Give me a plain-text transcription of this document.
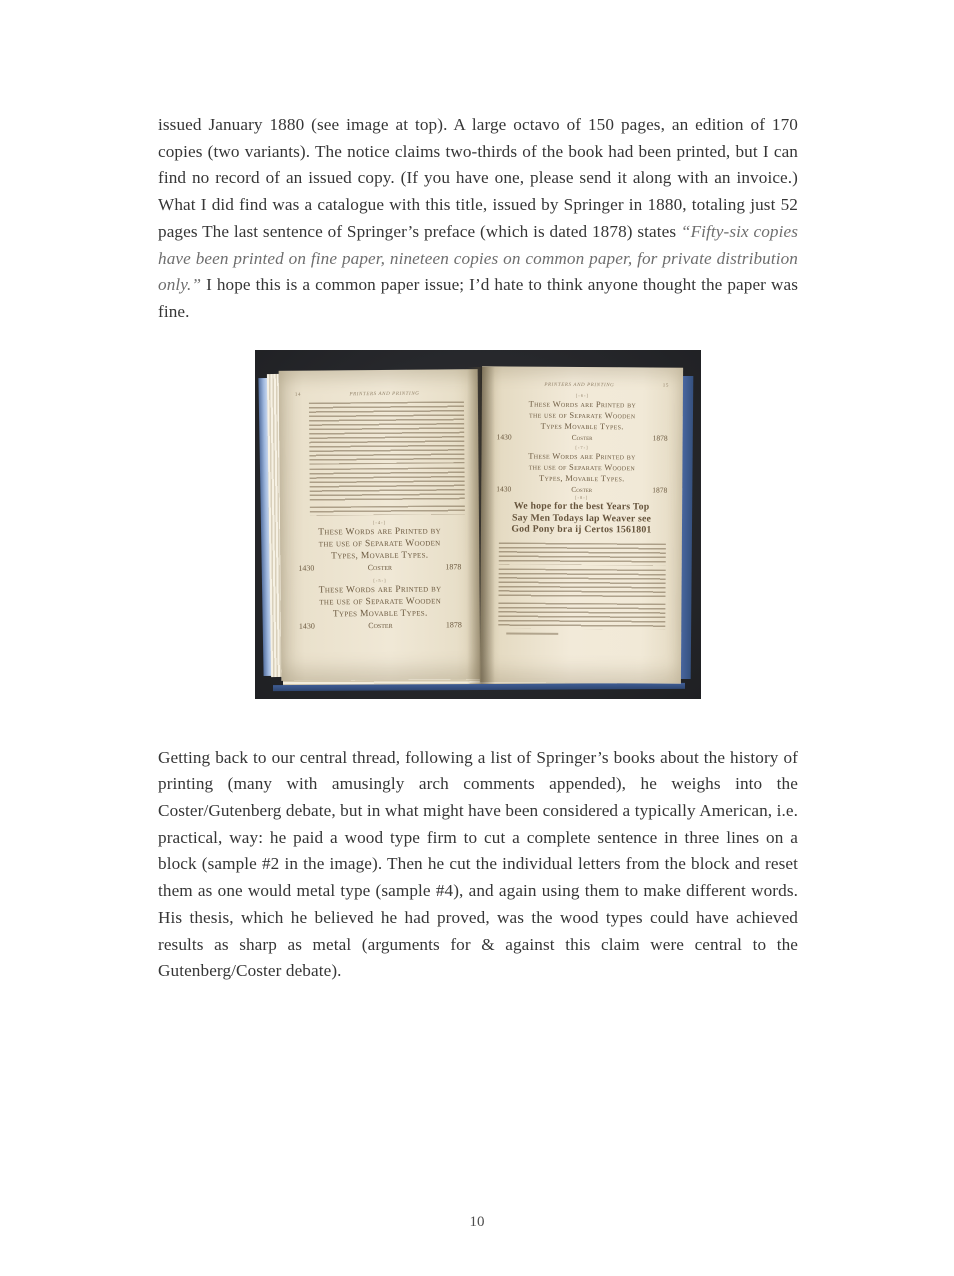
issued January 1880 (see image at top). A large octavo of 150 pages, an edition of 170 copies (two variants). The notice claims two-thirds of the book had been printed, but I can find no record of an issued copy. (If you have one, please send it along with an invoice.) What I did find was a catalogue with this title, issued by Springer in 1880, totaling just 52 pages The last sentence of Springer’s preface (which is dated 1878) states “Fifty-six copies have been printed on fine paper, nineteen copies on common paper, for private distribution only.” I hope this is a common paper issue; I’d hate to think anyone thought the paper was fine.

14	PRINTERS AND PRINTING
[-4-]
These Words are Printed by
the use of Separate Wooden
Types, Movable Types.
1430	Coster	1878
[-5-]
These Words are Printed by
the use of Separate Wooden
Types Movable Types.
1430	Coster	1878
PRINTERS AND PRINTING	15
[-6-]
These Words are Printed by
the use of Separate Wooden
Types Movable Types.
1430	Coster	1878
[-7-]
These Words are Printed by
the use of Separate Wooden
Types, Movable Types.
1430	Coster	1878
[-8-]
We hope for the best Years Top
Say Men Todays lap Weaver see
God Pony bra ij Certos 1561801

Getting back to our central thread, following a list of Springer’s books about the history of printing (many with amusingly arch comments appended), he weighs into the Coster/Gutenberg debate, but in what might have been considered a typically American, i.e. practical, way: he paid a wood type firm to cut a complete sentence in three lines on a block (sample #2 in the image). Then he cut the individual letters from the block and reset them as one would metal type (sample #4), and again using them to make different words. His thesis, which he believed he had proved, was the wood types could have achieved results as sharp as metal (arguments for & against this claim were central to the Gutenberg/Coster debate).

10
